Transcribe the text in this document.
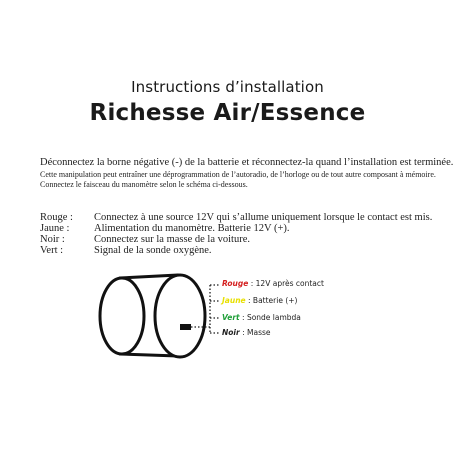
Instructions d’installation
Richesse Air/Essence
Déconnectez la borne négative (-) de la batterie et réconnectez-la quand l’installation est terminée.
Cette manipulation peut entraîner une déprogrammation de l’autoradio, de l’horloge ou de tout autre composant à mémoire.
Connectez le faisceau du manomètre selon le schéma ci-dessous.
Rouge : Connectez à une source 12V qui s’allume uniquement lorsque le contact est mis.
Jaune : Alimentation du manomètre. Batterie 12V (+).
Noir :	Connectez sur la masse de la voiture.
Vert :	Signal de la sonde oxygène.
Rouge : 12V après contact
Jaune : Batterie (+)
Vert : Sonde lambda
Noir : Masse
